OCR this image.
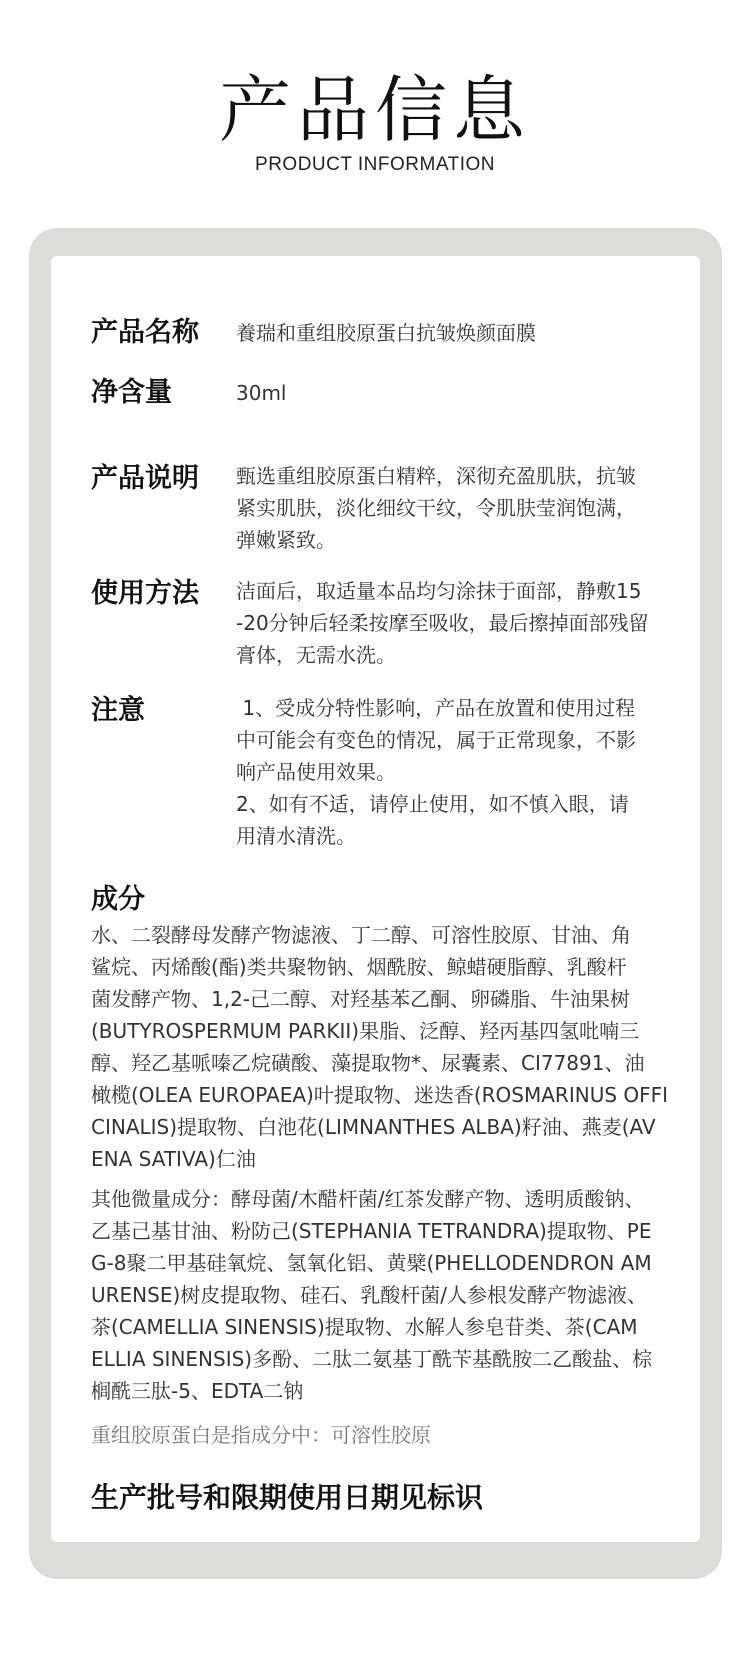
产品信息
PRODUCT INFORMATION
产品名称 養瑞和重组胶原蛋白抗皱焕颜面膜
净含量	30ml
产品说明 甄选重组胶原蛋白精粹，深彻充盈肌肤，抗皱
紧实肌肤，淡化细纹干纹，令肌肤莹润饱满，
弹嫩紧致。
使用方法 洁面后，取适量本品均匀涂抹于面部，静敷15
-20分钟后轻柔按摩至吸收，最后擦掉面部残留
膏体，无需水洗。
注意	1、受成分特性影响，产品在放置和使用过程
中可能会有变色的情况，属于正常现象，不影
响产品使用效果。
2、如有不适，请停止使用，如不慎入眼，请
用清水清洗。
成分
水、二裂酵母发酵产物滤液、丁二醇、可溶性胶原、甘油、角
鲨烷、丙烯酸(酯)类共聚物钠、烟酰胺、鲸蜡硬脂醇、乳酸杆
菌发酵产物、1,2-己二醇、对羟基苯乙酮、卵磷脂、牛油果树
(BUTYROSPERMUM PARKII)果脂、泛醇、羟丙基四氢吡喃三
醇、羟乙基哌嗪乙烷磺酸、藻提取物*、尿囊素、CI77891、油
橄榄(OLEA EUROPAEA)叶提取物、迷迭香(ROSMARINUS OFFI
CINALIS)提取物、白池花(LIMNANTHES ALBA)籽油、燕麦(AV
ENA SATIVA)仁油
其他微量成分：酵母菌/木醋杆菌/红茶发酵产物、透明质酸钠、
乙基己基甘油、粉防己(STEPHANIA TETRANDRA)提取物、PE
G-8聚二甲基硅氧烷、氢氧化铝、黄檗(PHELLODENDRON AM
URENSE)树皮提取物、硅石、乳酸杆菌/人参根发酵产物滤液、
茶(CAMELLIA SINENSIS)提取物、水解人参皂苷类、茶(CAM
ELLIA SINENSIS)多酚、二肽二氨基丁酰苄基酰胺二乙酸盐、棕
榈酰三肽-5、EDTA二钠
重组胶原蛋白是指成分中：可溶性胶原
生产批号和限期使用日期见标识
